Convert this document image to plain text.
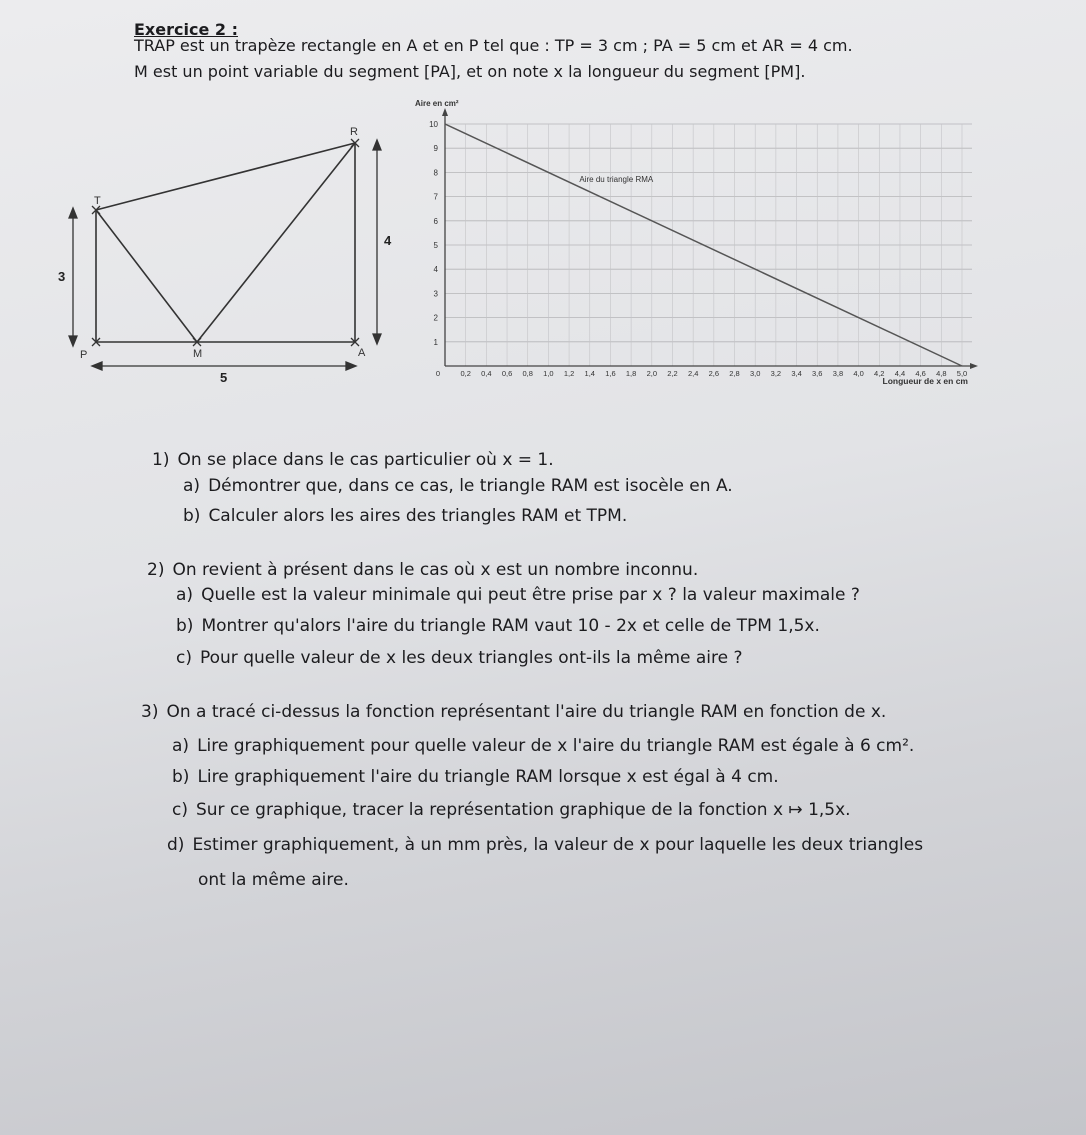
Exercice 2 :
TRAP est un trapèze rectangle en A et en P tel que : TP = 3 cm ; PA = 5 cm et AR = 4 cm.
M est un point variable du segment [PA], et on note x la longueur du segment [PM].
R
T
P	M	A
3
4
5
1
2
3
4
5
6
7
8
9
10
0	0,2 0,4 0,6 0,8 1,0 1,2 1,4 1,6 1,8 2,0 2,2 2,4 2,6 2,8 3,0 3,2 3,4 3,6 3,8 4,0 4,2 4,4 4,6 4,8 5,0
Aire en cm²
Longueur de x en cm
Aire du triangle RMA
1) On se place dans le cas particulier où x = 1.
a) Démontrer que, dans ce cas, le triangle RAM est isocèle en A.
b) Calculer alors les aires des triangles RAM et TPM.
2) On revient à présent dans le cas où x est un nombre inconnu.
a) Quelle est la valeur minimale qui peut être prise par x ? la valeur maximale ?
b) Montrer qu'alors l'aire du triangle RAM vaut 10 - 2x et celle de TPM 1,5x.
c) Pour quelle valeur de x les deux triangles ont-ils la même aire ?
3) On a tracé ci-dessus la fonction représentant l'aire du triangle RAM en fonction de x.
a) Lire graphiquement pour quelle valeur de x l'aire du triangle RAM est égale à 6 cm².
b) Lire graphiquement l'aire du triangle RAM lorsque x est égal à 4 cm.
c) Sur ce graphique, tracer la représentation graphique de la fonction x ↦ 1,5x.
d) Estimer graphiquement, à un mm près, la valeur de x pour laquelle les deux triangles
ont la même aire.
